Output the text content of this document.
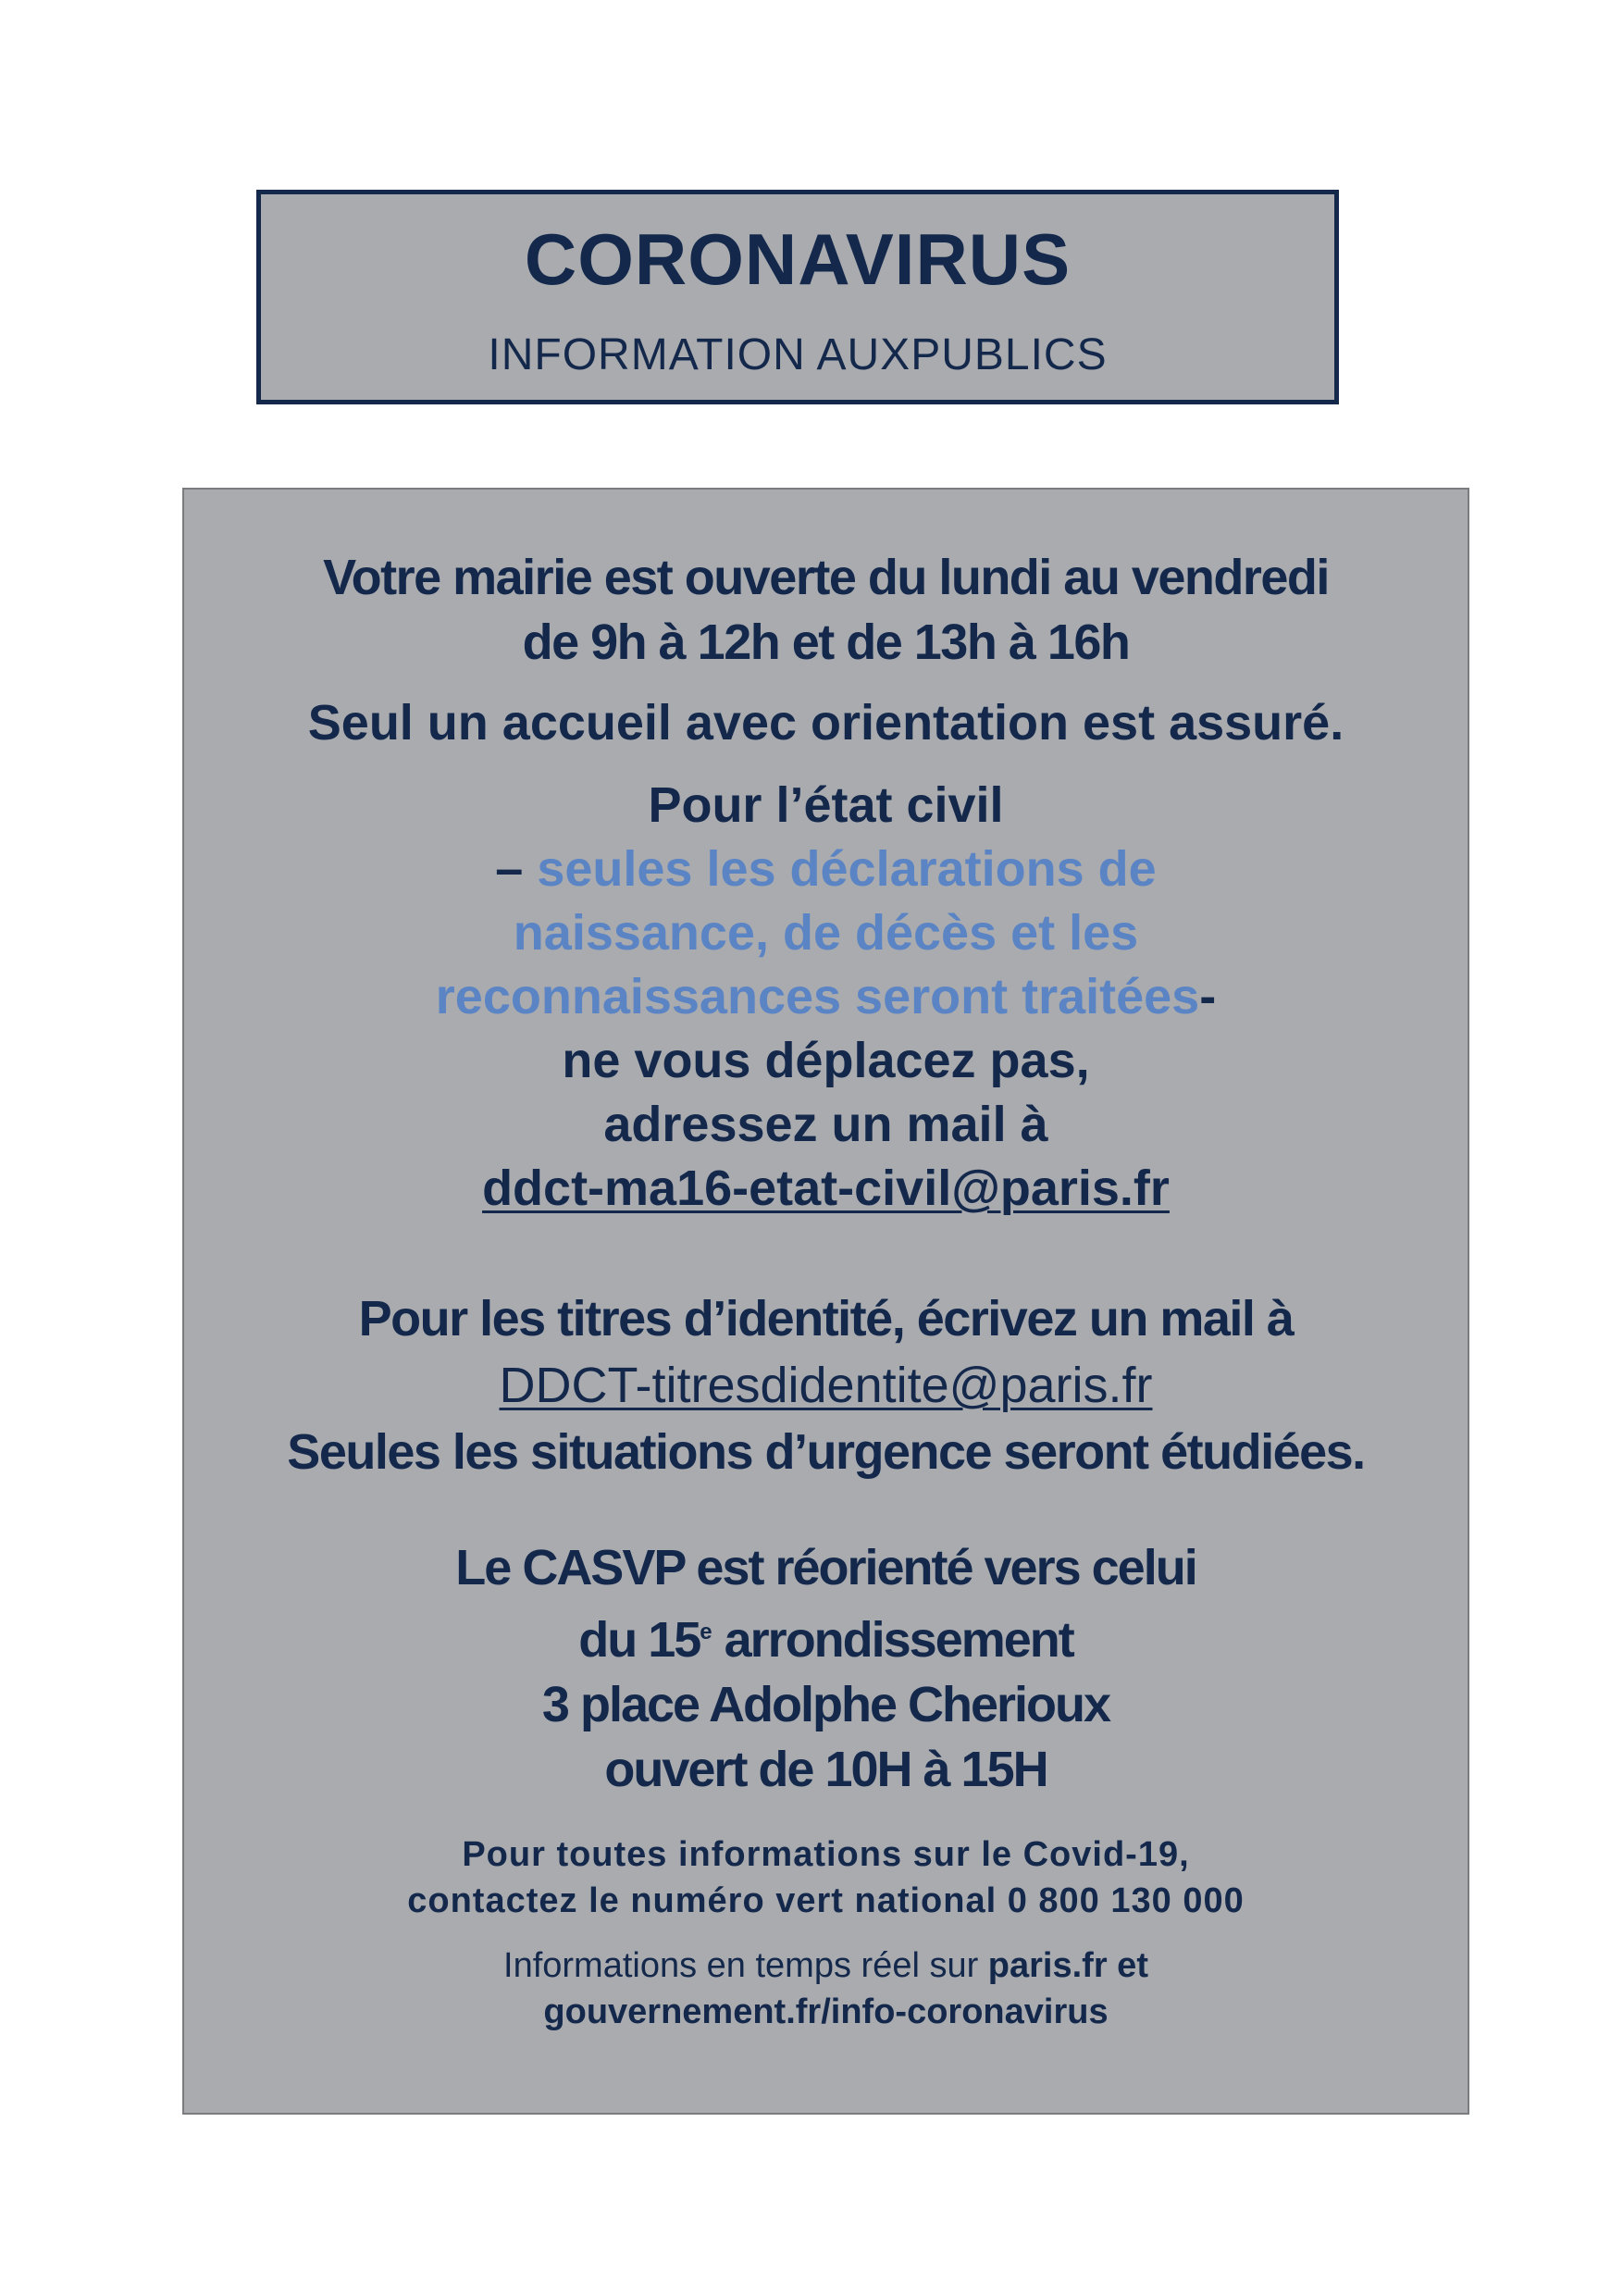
CORONAVIRUS
INFORMATION AUXPUBLICS
Votre mairie est ouverte du lundi au vendredi
de 9h à 12h et de 13h à 16h
Seul un accueil avec orientation est assuré.
Pour l’état civil
– seules les déclarations de
naissance, de décès et les
reconnaissances seront traitées-
ne vous déplacez pas,
adressez un mail à
ddct-ma16-etat-civil@paris.fr
Pour les titres d’identité, écrivez un mail à
DDCT-titresdidentite@paris.fr
Seules les situations d’urgence seront étudiées.
Le CASVP est réorienté vers celui
du 15e arrondissement
3 place Adolphe Cherioux
ouvert de 10H à 15H
Pour toutes informations sur le Covid-19,
contactez le numéro vert national 0 800 130 000
Informations en temps réel sur paris.fr et
gouvernement.fr/info-coronavirus
